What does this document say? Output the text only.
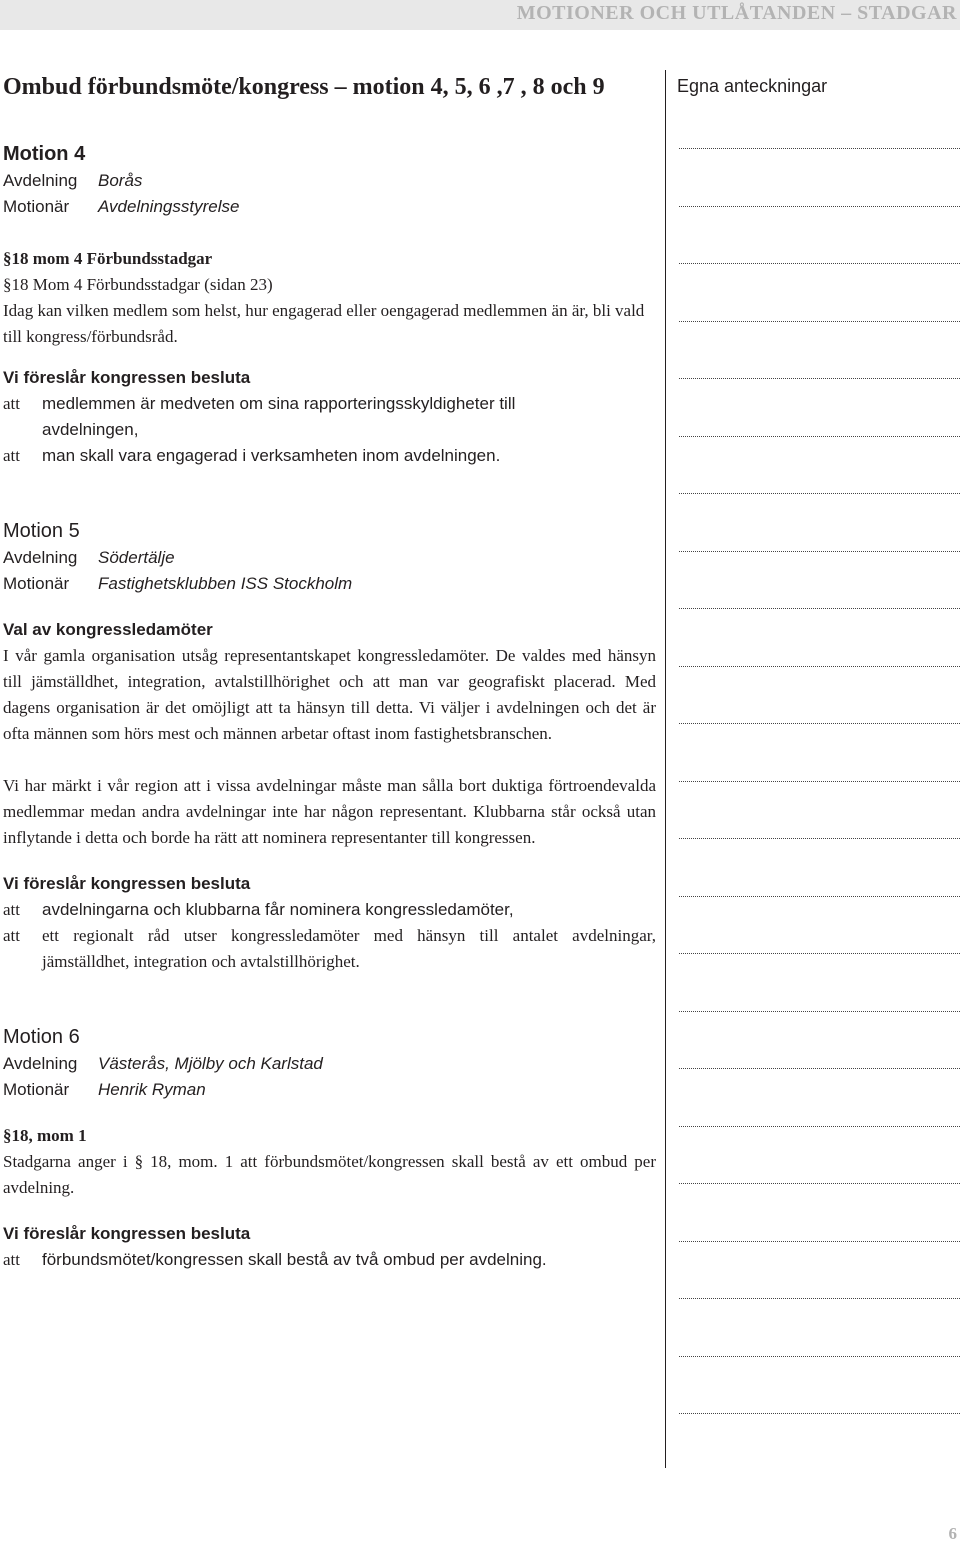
MOTIONER OCH UTLÅTANDEN – STADGAR
Ombud förbundsmöte/kongress – motion 4, 5, 6 ,7 , 8 och 9	Egna anteckningar
Motion 4
Avdelning	Borås
Motionär	Avdelningsstyrelse

§18 mom 4 Förbundsstadgar

§18 Mom 4 Förbundsstadgar (sidan 23)

Idag kan vilken medlem som helst, hur engagerad eller oengagerad medlemmen än är, bli vald till kongress/förbundsråd.

Vi föreslår kongressen besluta

att	medlemmen är medveten om sina rapporteringsskyldigheter till avdelningen,
att	man skall vara engagerad i verksamheten inom avdelningen.
Motion 5
Avdelning	Södertälje
Motionär	Fastighetsklubben ISS Stockholm

Val av kongressledamöter

I vår gamla organisation utsåg representantskapet kongressledamöter. De valdes med hänsyn till jämställdhet, integration, avtalstillhörighet och att man var geografiskt placerad. Med dagens organisation är det omöjligt att ta hänsyn till detta. Vi väljer i avdelningen och det är ofta männen som hörs mest och männen arbetar oftast inom fastighetsbranschen.

Vi har märkt i vår region att i vissa avdelningar måste man sålla bort duktiga förtroendevalda medlemmar medan andra avdelningar inte har någon representant. Klubbarna står också utan inflytande i detta och borde ha rätt att nominera representanter till kongressen.

Vi föreslår kongressen besluta

att	avdelningarna och klubbarna får nominera kongressledamöter,
att	ett regionalt råd utser kongressledamöter med hänsyn till antalet avdelningar, jämställdhet, integration och avtalstillhörighet.
Motion 6
Avdelning	Västerås, Mjölby och Karlstad
Motionär	Henrik Ryman

§18, mom 1

Stadgarna anger i § 18, mom. 1 att förbundsmötet/kongressen skall bestå av ett ombud per avdelning.

Vi föreslår kongressen besluta

att	förbundsmötet/kongressen skall bestå av två ombud per avdelning.
6
